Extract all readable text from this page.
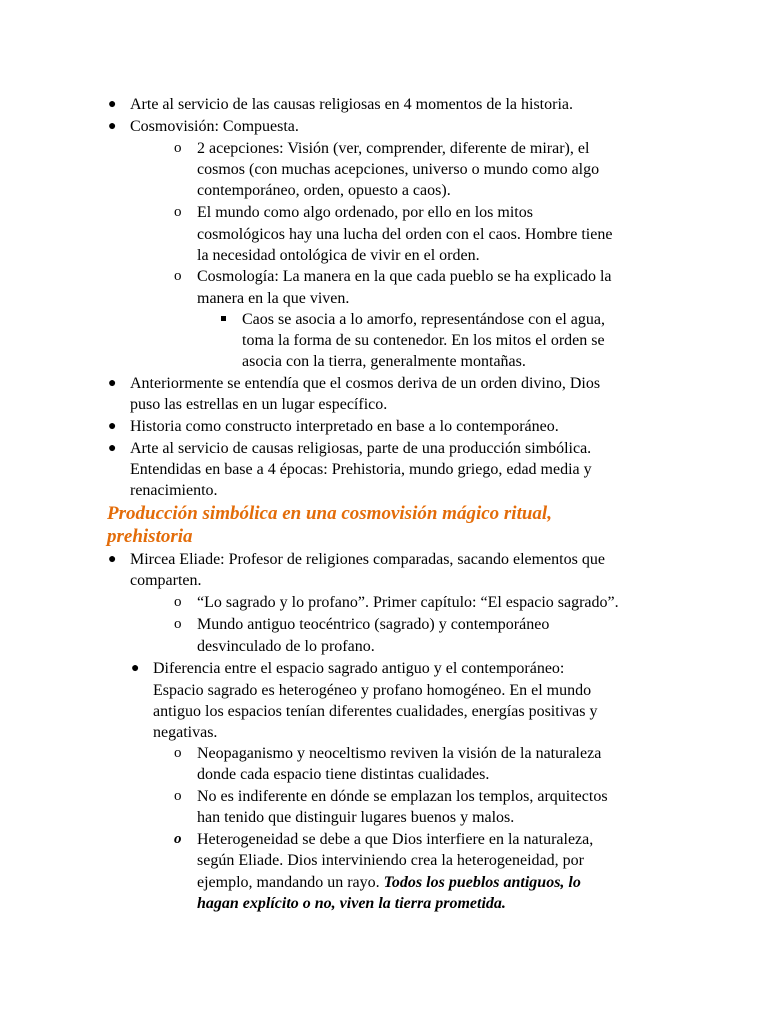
● Arte al servicio de las causas religiosas en 4 momentos de la historia.
● Cosmovisión: Compuesta.
o 2 acepciones: Visión (ver, comprender, diferente de mirar), el
cosmos (con muchas acepciones, universo o mundo como algo
contemporáneo, orden, opuesto a caos).
o El mundo como algo ordenado, por ello en los mitos
cosmológicos hay una lucha del orden con el caos. Hombre tiene
la necesidad ontológica de vivir en el orden.
o Cosmología: La manera en la que cada pueblo se ha explicado la
manera en la que viven.
Caos se asocia a lo amorfo, representándose con el agua,
toma la forma de su contenedor. En los mitos el orden se
asocia con la tierra, generalmente montañas.
● Anteriormente se entendía que el cosmos deriva de un orden divino, Dios
puso las estrellas en un lugar específico.
● Historia como constructo interpretado en base a lo contemporáneo.
● Arte al servicio de causas religiosas, parte de una producción simbólica.
Entendidas en base a 4 épocas: Prehistoria, mundo griego, edad media y
renacimiento.
Producción simbólica en una cosmovisión mágico ritual,
prehistoria
● Mircea Eliade: Profesor de religiones comparadas, sacando elementos que
comparten.
o “Lo sagrado y lo profano”. Primer capítulo: “El espacio sagrado”.
o Mundo antiguo teocéntrico (sagrado) y contemporáneo
desvinculado de lo profano.
● Diferencia entre el espacio sagrado antiguo y el contemporáneo:
Espacio sagrado es heterogéneo y profano homogéneo. En el mundo
antiguo los espacios tenían diferentes cualidades, energías positivas y
negativas.
o Neopaganismo y neoceltismo reviven la visión de la naturaleza
donde cada espacio tiene distintas cualidades.
o No es indiferente en dónde se emplazan los templos, arquitectos
han tenido que distinguir lugares buenos y malos.
o Heterogeneidad se debe a que Dios interfiere en la naturaleza,
según Eliade. Dios interviniendo crea la heterogeneidad, por
ejemplo, mandando un rayo. Todos los pueblos antiguos, lo
hagan explícito o no, viven la tierra prometida.
